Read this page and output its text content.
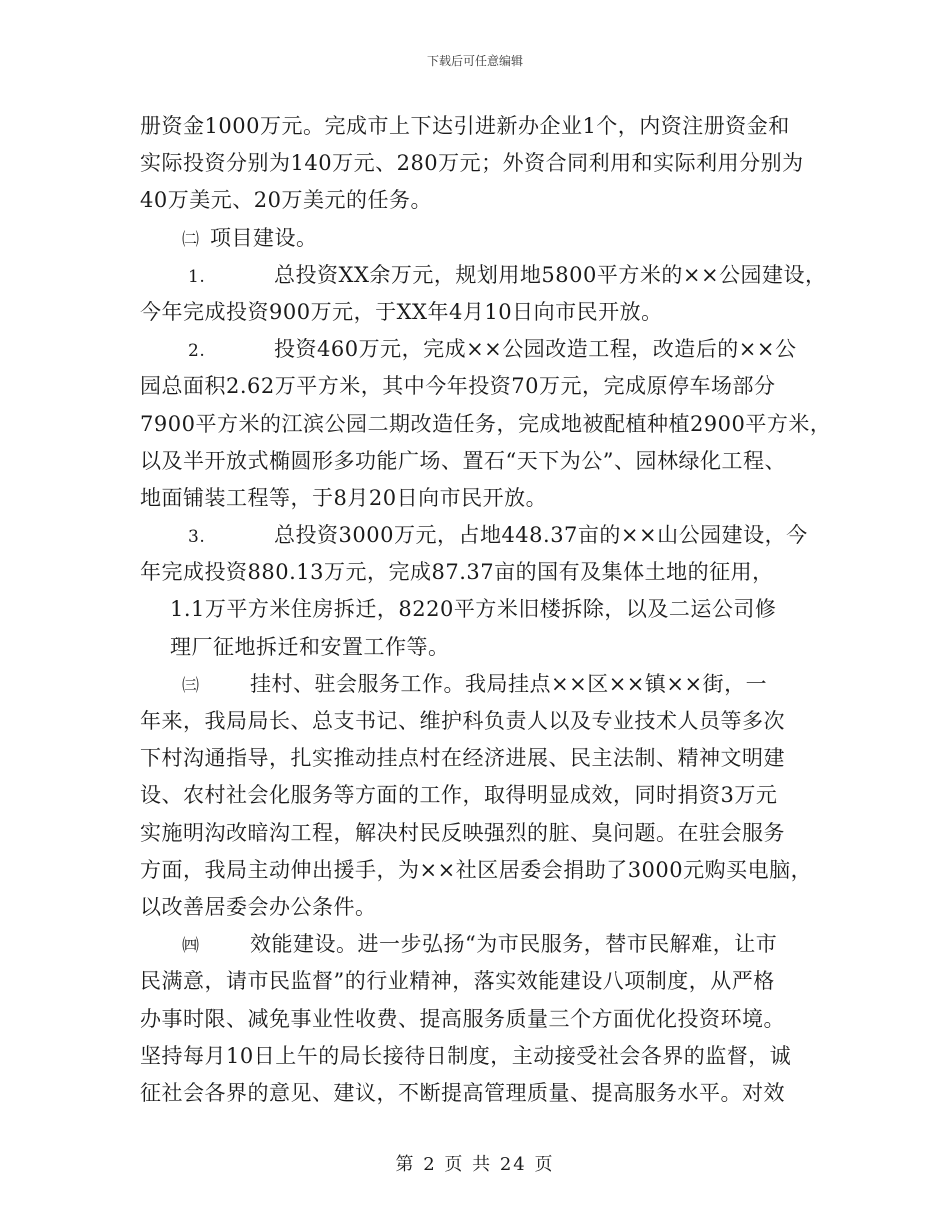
下载后可任意编辑
册资金1000万元。完成市上下达引进新办企业1个，内资注册资金和
实际投资分别为140万元、280万元；外资合同利用和实际利用分别为
40万美元、20万美元的任务。
㈡ 项目建设。
1.	总投资XX余万元，规划用地5800平方米的××公园建设，
今年完成投资900万元，于XX年4月10日向市民开放。
2.	投资460万元，完成××公园改造工程，改造后的××公
园总面积2.62万平方米，其中今年投资70万元，完成原停车场部分
7900平方米的江滨公园二期改造任务，完成地被配植种植2900平方米，
以及半开放式椭圆形多功能广场、置石“天下为公”、园林绿化工程、
地面铺装工程等，于8月20日向市民开放。
3.	总投资3000万元，占地448.37亩的××山公园建设，今
年完成投资880.13万元，完成87.37亩的国有及集体土地的征用，
1.1万平方米住房拆迁，8220平方米旧楼拆除，以及二运公司修
理厂征地拆迁和安置工作等。
㈢ 挂村、驻会服务工作。我局挂点××区××镇××街，一
年来，我局局长、总支书记、维护科负责人以及专业技术人员等多次
下村沟通指导，扎实推动挂点村在经济进展、民主法制、精神文明建
设、农村社会化服务等方面的工作，取得明显成效，同时捐资3万元
实施明沟改暗沟工程，解决村民反映强烈的脏、臭问题。在驻会服务
方面，我局主动伸出援手，为××社区居委会捐助了3000元购买电脑，
以改善居委会办公条件。
㈣ 效能建设。进一步弘扬“为市民服务，替市民解难，让市
民满意，请市民监督”的行业精神，落实效能建设八项制度，从严格
办事时限、减免事业性收费、提高服务质量三个方面优化投资环境。
坚持每月10日上午的局长接待日制度，主动接受社会各界的监督，诚
征社会各界的意见、建议，不断提高管理质量、提高服务水平。对效
第 2 页 共 24 页
